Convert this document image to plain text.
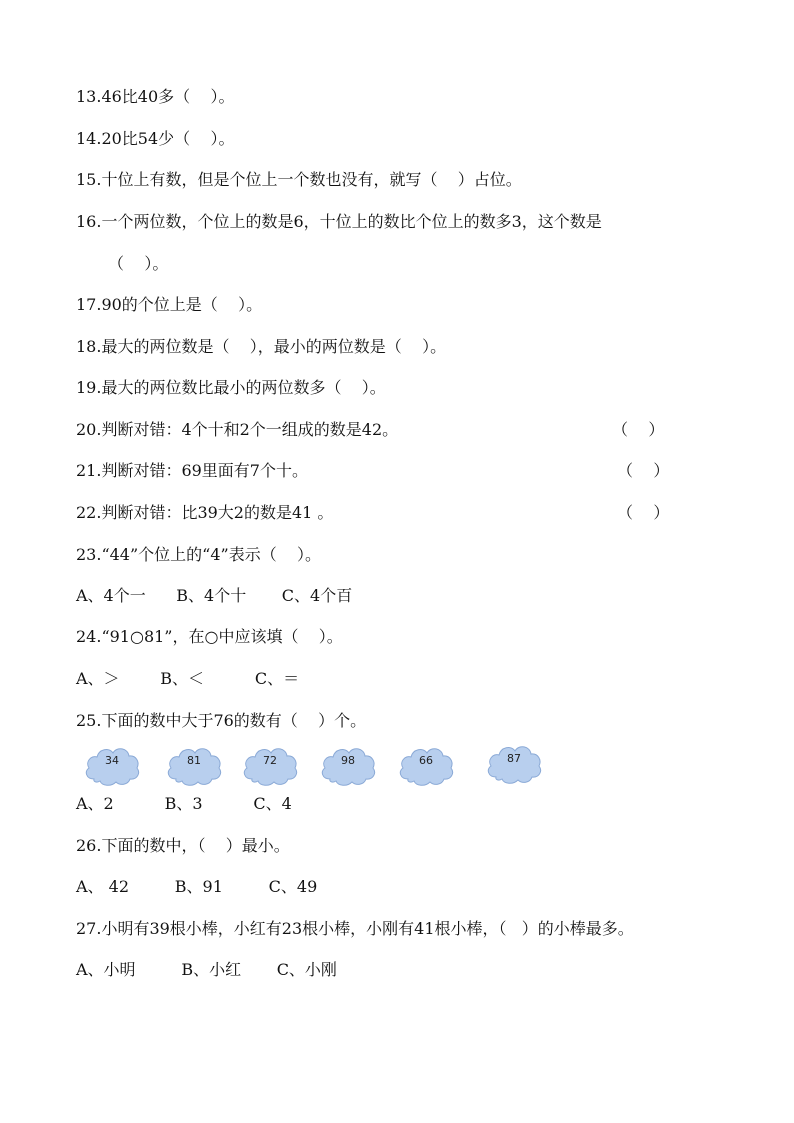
13.46比40多（    ）。
14.20比54少（    ）。
15.十位上有数，但是个位上一个数也没有，就写（    ）占位。
16.一个两位数，个位上的数是6，十位上的数比个位上的数多3，这个数是
（    ）。
17.90的个位上是（    ）。
18.最大的两位数是（    ），最小的两位数是（    ）。
19.最大的两位数比最小的两位数多（    ）。
20.判断对错：4个十和2个一组成的数是42。	（    ）
21.判断对错：69里面有7个十。	（    ）
22.判断对错：比39大2的数是41 。	（    ）
23.“44”个位上的“4”表示（    ）。
A、4个一      B、4个十       C、4个百
24.“91○81”，在○中应该填（    ）。
A、＞        B、＜          C、＝
25.下面的数中大于76的数有（    ）个。
34	81	72	98	66	87
A、2          B、3          C、4
26.下面的数中，（    ）最小。
A、 42         B、91         C、49
27.小明有39根小棒，小红有23根小棒，小刚有41根小棒，（   ）的小棒最多。
A、小明         B、小红       C、小刚
